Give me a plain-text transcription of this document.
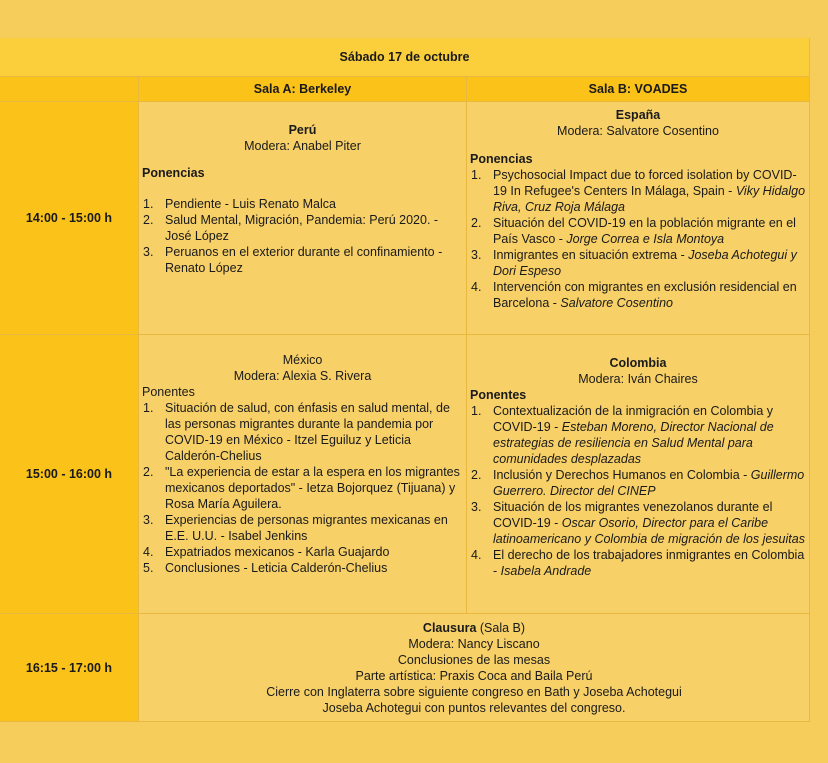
Sábado 17 de octubre
Sala A: Berkeley	Sala B: VOADES
14:00 - 15:00 h
Perú
Modera: Anabel Piter
Ponencias
1. Pendiente - Luis Renato Malca
2. Salud Mental, Migración, Pandemia: Perú 2020. - José López
3. Peruanos en el exterior durante el confinamiento - Renato López
España
Modera: Salvatore Cosentino
Ponencias
1. Psychosocial Impact due to forced isolation by COVID-19 In Refugee's Centers In Málaga, Spain - Viky Hidalgo Riva, Cruz Roja Málaga
2. Situación del COVID-19 en la población migrante en el País Vasco - Jorge Correa e Isla Montoya
3. Inmigrantes en situación extrema - Joseba Achotegui y Dori Espeso
4. Intervención con migrantes en exclusión residencial en Barcelona - Salvatore Cosentino
15:00 - 16:00 h
México
Modera: Alexia S. Rivera
Ponentes
1. Situación de salud, con énfasis en salud mental, de las personas migrantes durante la pandemia por COVID-19 en México - Itzel Eguiluz y Leticia Calderón-Chelius
2. "La experiencia de estar a la espera en los migrantes mexicanos deportados" - Ietza Bojorquez (Tijuana) y Rosa María Aguilera.
3. Experiencias de personas migrantes mexicanas en E.E. U.U. - Isabel Jenkins
4. Expatriados mexicanos - Karla Guajardo
5. Conclusiones - Leticia Calderón-Chelius
Colombia
Modera: Iván Chaires
Ponentes
1. Contextualización de la inmigración en Colombia y COVID-19 - Esteban Moreno, Director Nacional de estrategias de resiliencia en Salud Mental para comunidades desplazadas
2. Inclusión y Derechos Humanos en Colombia - Guillermo Guerrero. Director del CINEP
3. Situación de los migrantes venezolanos durante el COVID-19 - Oscar Osorio, Director para el Caribe latinoamericano y Colombia de migración de los jesuitas
4. El derecho de los trabajadores inmigrantes en Colombia - Isabela Andrade
16:15 - 17:00 h
Clausura (Sala B)
Modera: Nancy Liscano
Conclusiones de las mesas
Parte artística: Praxis Coca and Baila Perú
Cierre con Inglaterra sobre siguiente congreso en Bath y Joseba Achotegui
Joseba Achotegui con puntos relevantes del congreso.
